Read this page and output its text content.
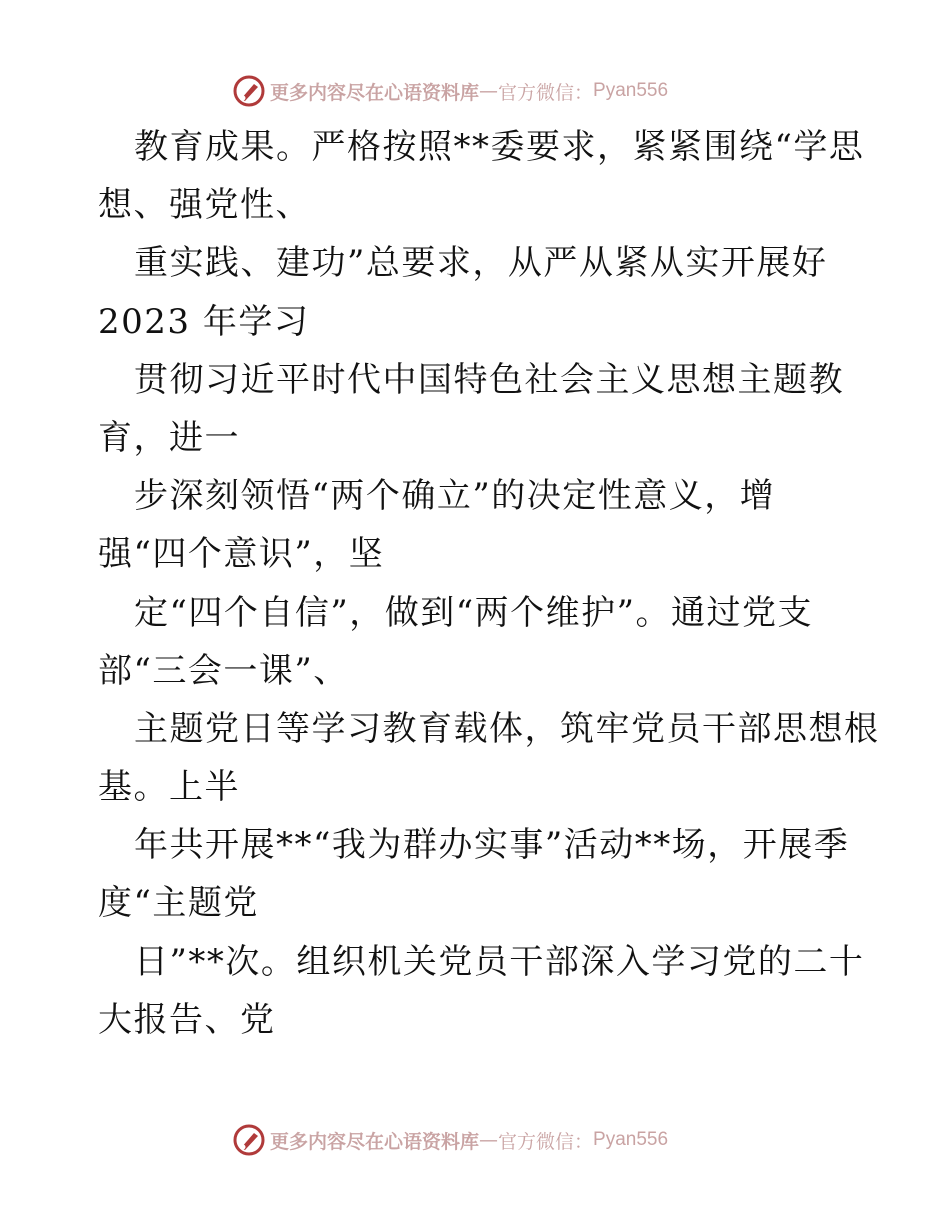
更多内容尽在心语资料库 — 官方微信： Pyan556
教育成果。严格按照**委要求，紧紧围绕“学思
想、强党性、
重实践、建功”总要求，从严从紧从实开展好
2023 年学习
贯彻习近平时代中国特色社会主义思想主题教
育，进一
步深刻领悟“两个确立”的决定性意义，增
强“四个意识”，坚
定“四个自信”，做到“两个维护”。通过党支
部“三会一课”、
主题党日等学习教育载体，筑牢党员干部思想根
基。上半
年共开展**“我为群办实事”活动**场，开展季
度“主题党
日”**次。组织机关党员干部深入学习党的二十
大报告、党
更多内容尽在心语资料库 — 官方微信： Pyan556
